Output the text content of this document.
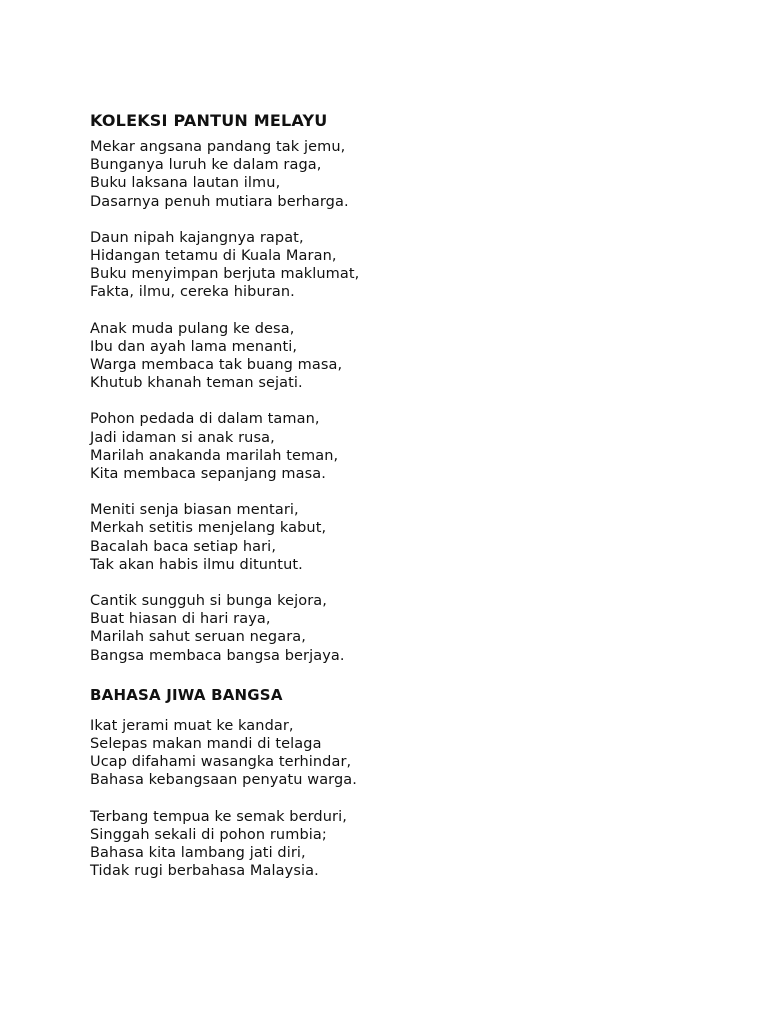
KOLEKSI PANTUN MELAYU
Mekar angsana pandang tak jemu,
Bunganya luruh ke dalam raga,
Buku laksana lautan ilmu,
Dasarnya penuh mutiara berharga.
Daun nipah kajangnya rapat,
Hidangan tetamu di Kuala Maran,
Buku menyimpan berjuta maklumat,
Fakta, ilmu, cereka hiburan.
Anak muda pulang ke desa,
Ibu dan ayah lama menanti,
Warga membaca tak buang masa,
Khutub khanah teman sejati.
Pohon pedada di dalam taman,
Jadi idaman si anak rusa,
Marilah anakanda marilah teman,
Kita membaca sepanjang masa.
Meniti senja biasan mentari,
Merkah setitis menjelang kabut,
Bacalah baca setiap hari,
Tak akan habis ilmu dituntut.
Cantik sungguh si bunga kejora,
Buat hiasan di hari raya,
Marilah sahut seruan negara,
Bangsa membaca bangsa berjaya.
BAHASA JIWA BANGSA
Ikat jerami muat ke kandar,
Selepas makan mandi di telaga
Ucap difahami wasangka terhindar,
Bahasa kebangsaan penyatu warga.
Terbang tempua ke semak berduri,
Singgah sekali di pohon rumbia;
Bahasa kita lambang jati diri,
Tidak rugi berbahasa Malaysia.
